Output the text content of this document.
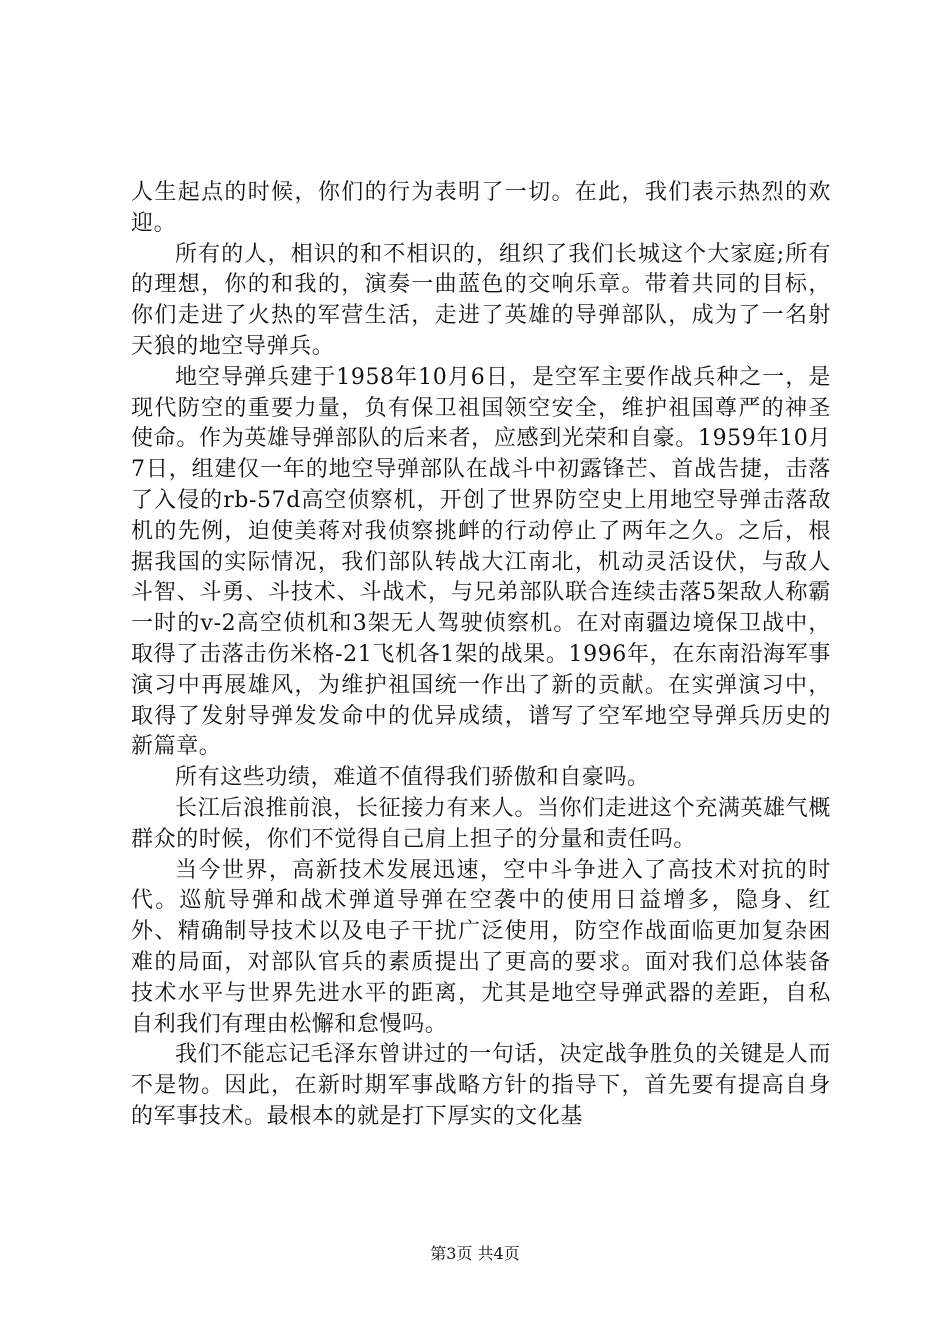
人生起点的时候，你们的行为表明了一切。在此，我们表示热烈的欢迎。

所有的人，相识的和不相识的，组织了我们长城这个大家庭;所有的理想，你的和我的，演奏一曲蓝色的交响乐章。带着共同的目标，你们走进了火热的军营生活，走进了英雄的导弹部队，成为了一名射天狼的地空导弹兵。

地空导弹兵建于1958年10月6日，是空军主要作战兵种之一，是现代防空的重要力量，负有保卫祖国领空安全，维护祖国尊严的神圣使命。作为英雄导弹部队的后来者，应感到光荣和自豪。1959年10月7日，组建仅一年的地空导弹部队在战斗中初露锋芒、首战告捷，击落了入侵的rb-57d高空侦察机，开创了世界防空史上用地空导弹击落敌机的先例，迫使美蒋对我侦察挑衅的行动停止了两年之久。之后，根据我国的实际情况，我们部队转战大江南北，机动灵活设伏，与敌人斗智、斗勇、斗技术、斗战术，与兄弟部队联合连续击落5架敌人称霸一时的v-2高空侦机和3架无人驾驶侦察机。在对南疆边境保卫战中，取得了击落击伤米格-21飞机各1架的战果。1996年，在东南沿海军事演习中再展雄风，为维护祖国统一作出了新的贡献。在实弹演习中，取得了发射导弹发发命中的优异成绩，谱写了空军地空导弹兵历史的新篇章。

所有这些功绩，难道不值得我们骄傲和自豪吗。

长江后浪推前浪，长征接力有来人。当你们走进这个充满英雄气概群众的时候，你们不觉得自己肩上担子的分量和责任吗。

当今世界，高新技术发展迅速，空中斗争进入了高技术对抗的时代。巡航导弹和战术弹道导弹在空袭中的使用日益增多，隐身、红外、精确制导技术以及电子干扰广泛使用，防空作战面临更加复杂困难的局面，对部队官兵的素质提出了更高的要求。面对我们总体装备技术水平与世界先进水平的距离，尤其是地空导弹武器的差距，自私自利我们有理由松懈和怠慢吗。

我们不能忘记毛泽东曾讲过的一句话，决定战争胜负的关键是人而不是物。因此，在新时期军事战略方针的指导下，首先要有提高自身的军事技术。最根本的就是打下厚实的文化基

第3页 共4页
